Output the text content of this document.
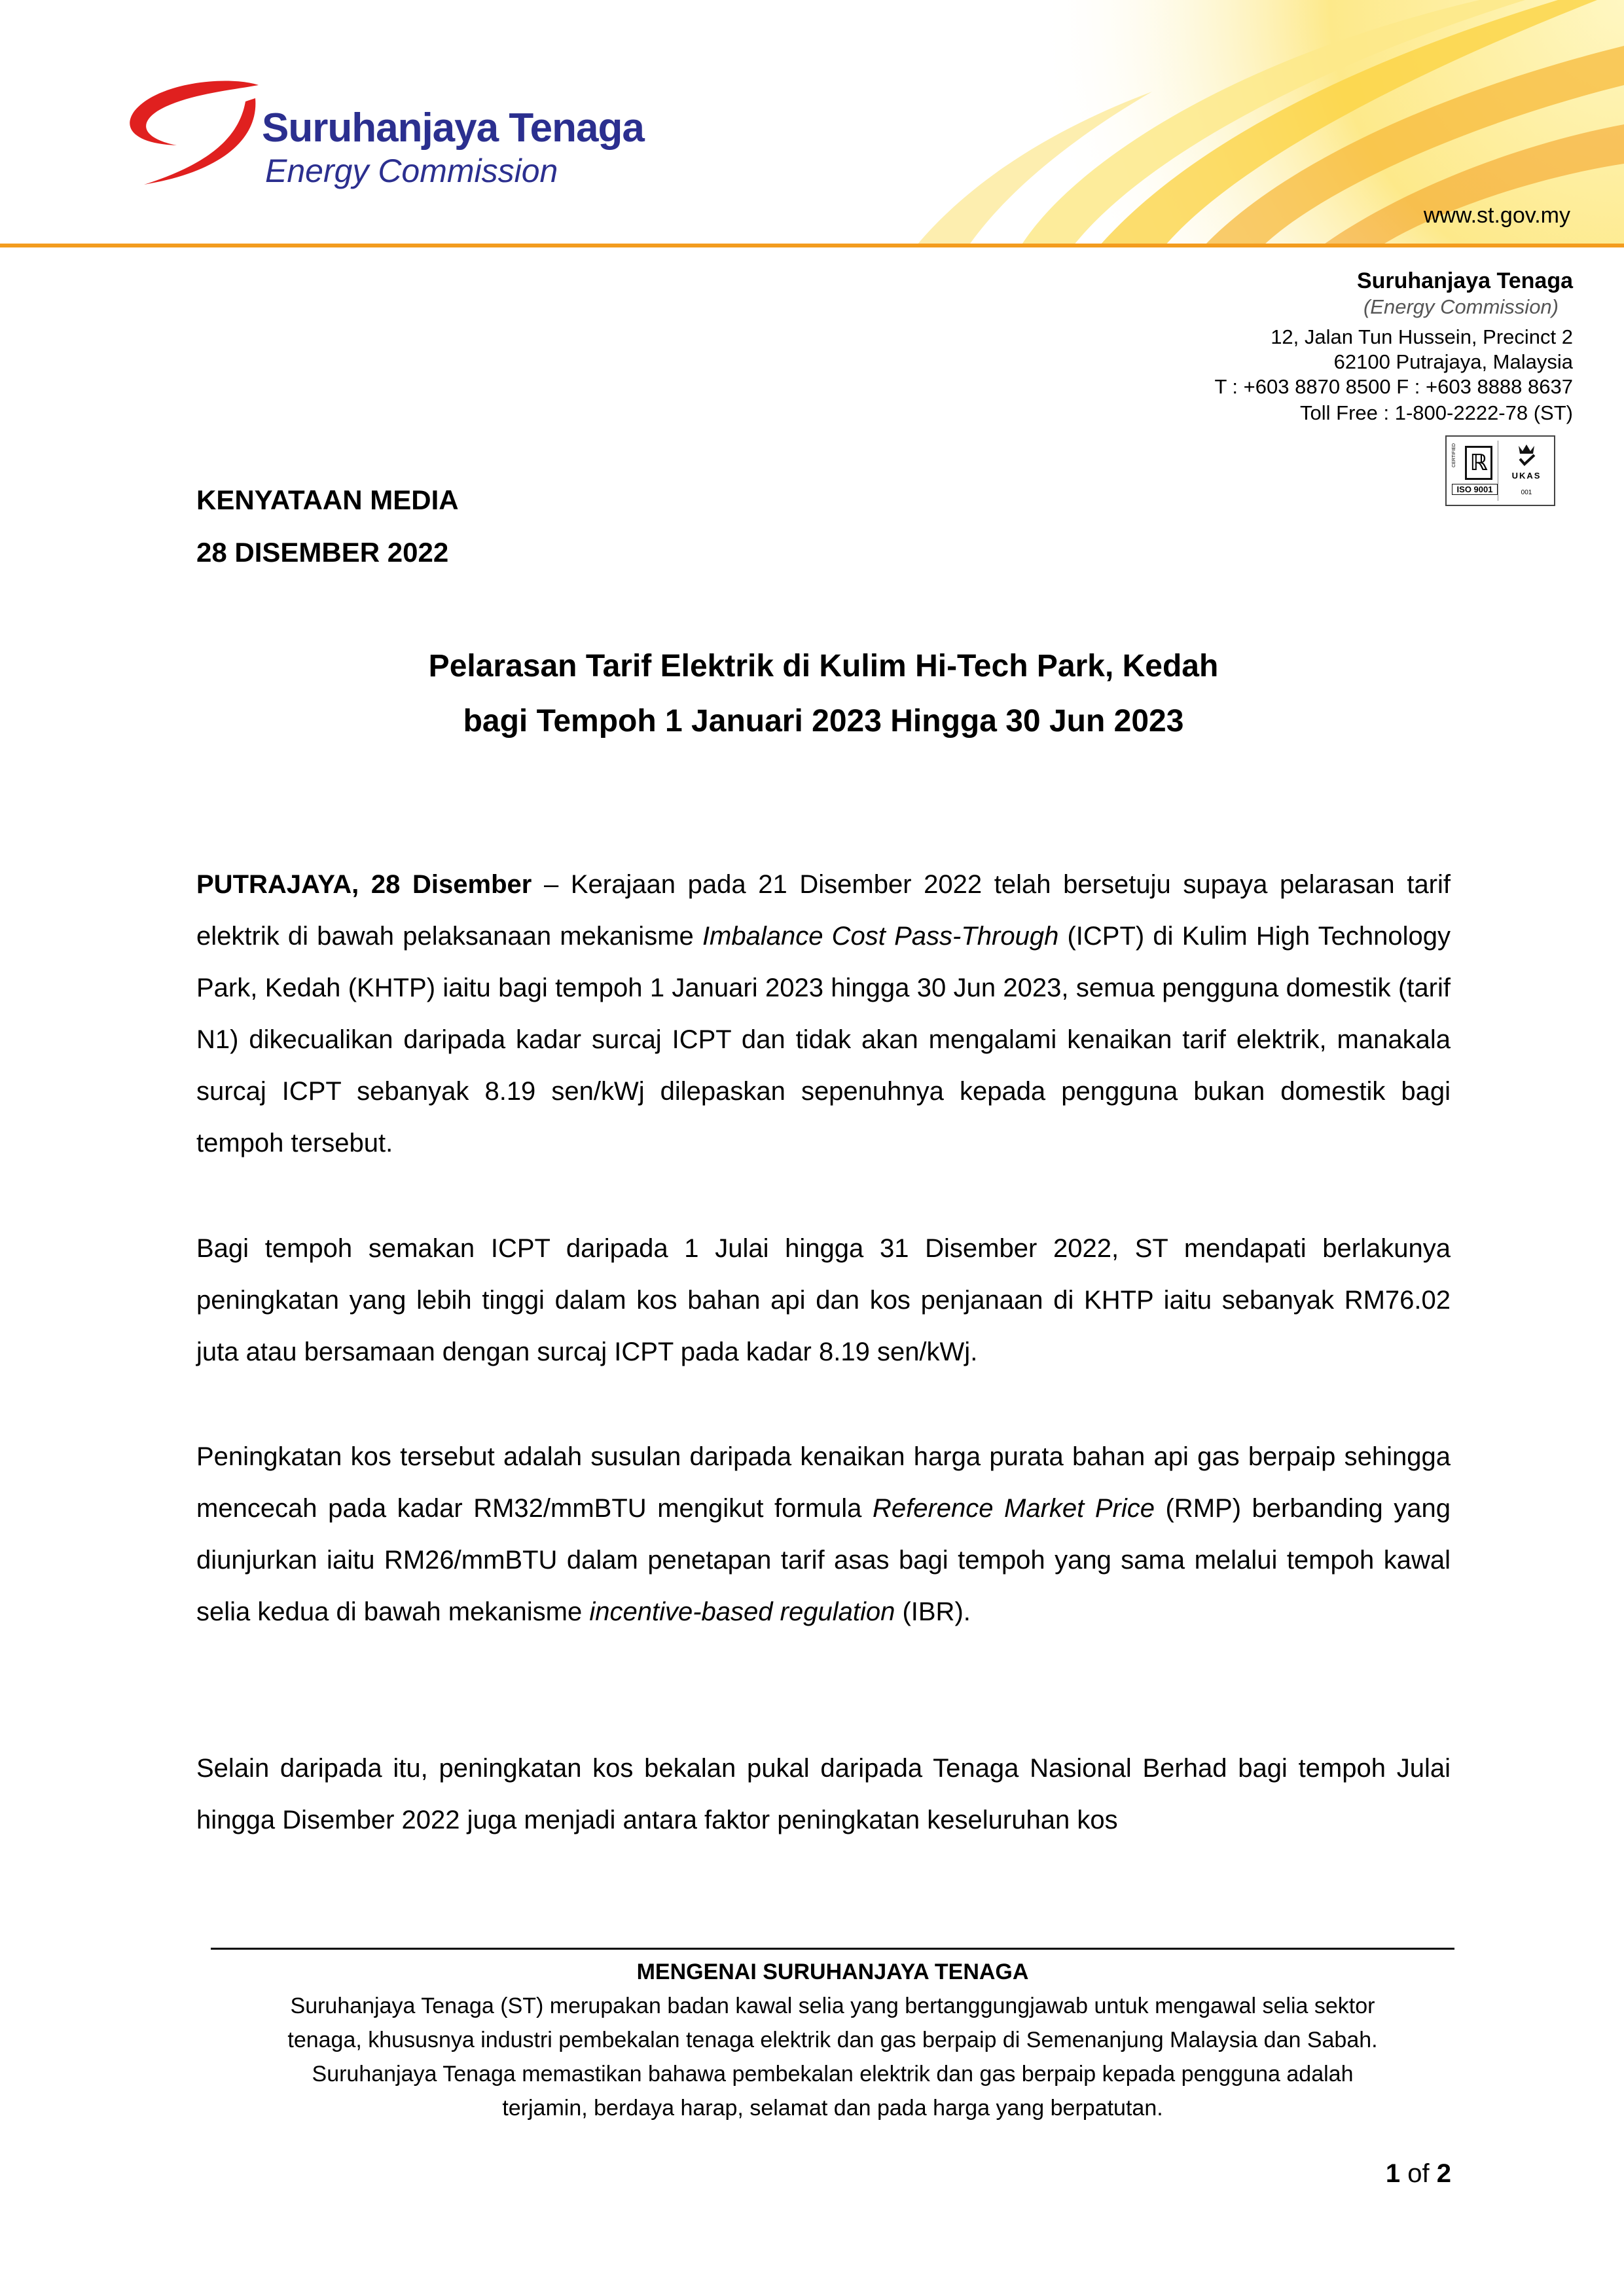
Suruhanjaya Tenaga
Energy Commission
www.st.gov.my
Suruhanjaya Tenaga
(Energy Commission)
12, Jalan Tun Hussein, Precinct 2
62100 Putrajaya, Malaysia
T : +603 8870 8500 F : +603 8888 8637
Toll Free : 1-800-2222-78 (ST)
CERTIFIED ℝ
ISO 9001
UKAS
001
KENYATAAN MEDIA
28 DISEMBER 2022
Pelarasan Tarif Elektrik di Kulim Hi-Tech Park, Kedah
bagi Tempoh 1 Januari 2023 Hingga 30 Jun 2023
PUTRAJAYA, 28 Disember – Kerajaan pada 21 Disember 2022 telah bersetuju supaya pelarasan tarif elektrik di bawah pelaksanaan mekanisme Imbalance Cost Pass-Through (ICPT) di Kulim High Technology Park, Kedah (KHTP) iaitu bagi tempoh 1 Januari 2023 hingga 30 Jun 2023, semua pengguna domestik (tarif N1) dikecualikan daripada kadar surcaj ICPT dan tidak akan mengalami kenaikan tarif elektrik, manakala surcaj ICPT sebanyak 8.19 sen/kWj dilepaskan sepenuhnya kepada pengguna bukan domestik bagi tempoh tersebut.
Bagi tempoh semakan ICPT daripada 1 Julai hingga 31 Disember 2022, ST mendapati berlakunya peningkatan yang lebih tinggi dalam kos bahan api dan kos penjanaan di KHTP iaitu sebanyak RM76.02 juta atau bersamaan dengan surcaj ICPT pada kadar 8.19 sen/kWj.
Peningkatan kos tersebut adalah susulan daripada kenaikan harga purata bahan api gas berpaip sehingga mencecah pada kadar RM32/mmBTU mengikut formula Reference Market Price (RMP) berbanding yang diunjurkan iaitu RM26/mmBTU dalam penetapan tarif asas bagi tempoh yang sama melalui tempoh kawal selia kedua di bawah mekanisme incentive-based regulation (IBR).
Selain daripada itu, peningkatan kos bekalan pukal daripada Tenaga Nasional Berhad bagi tempoh Julai hingga Disember 2022 juga menjadi antara faktor peningkatan keseluruhan kos
MENGENAI SURUHANJAYA TENAGA
Suruhanjaya Tenaga (ST) merupakan badan kawal selia yang bertanggungjawab untuk mengawal selia sektor
tenaga, khususnya industri pembekalan tenaga elektrik dan gas berpaip di Semenanjung Malaysia dan Sabah.
Suruhanjaya Tenaga memastikan bahawa pembekalan elektrik dan gas berpaip kepada pengguna adalah
terjamin, berdaya harap, selamat dan pada harga yang berpatutan.
1 of 2
